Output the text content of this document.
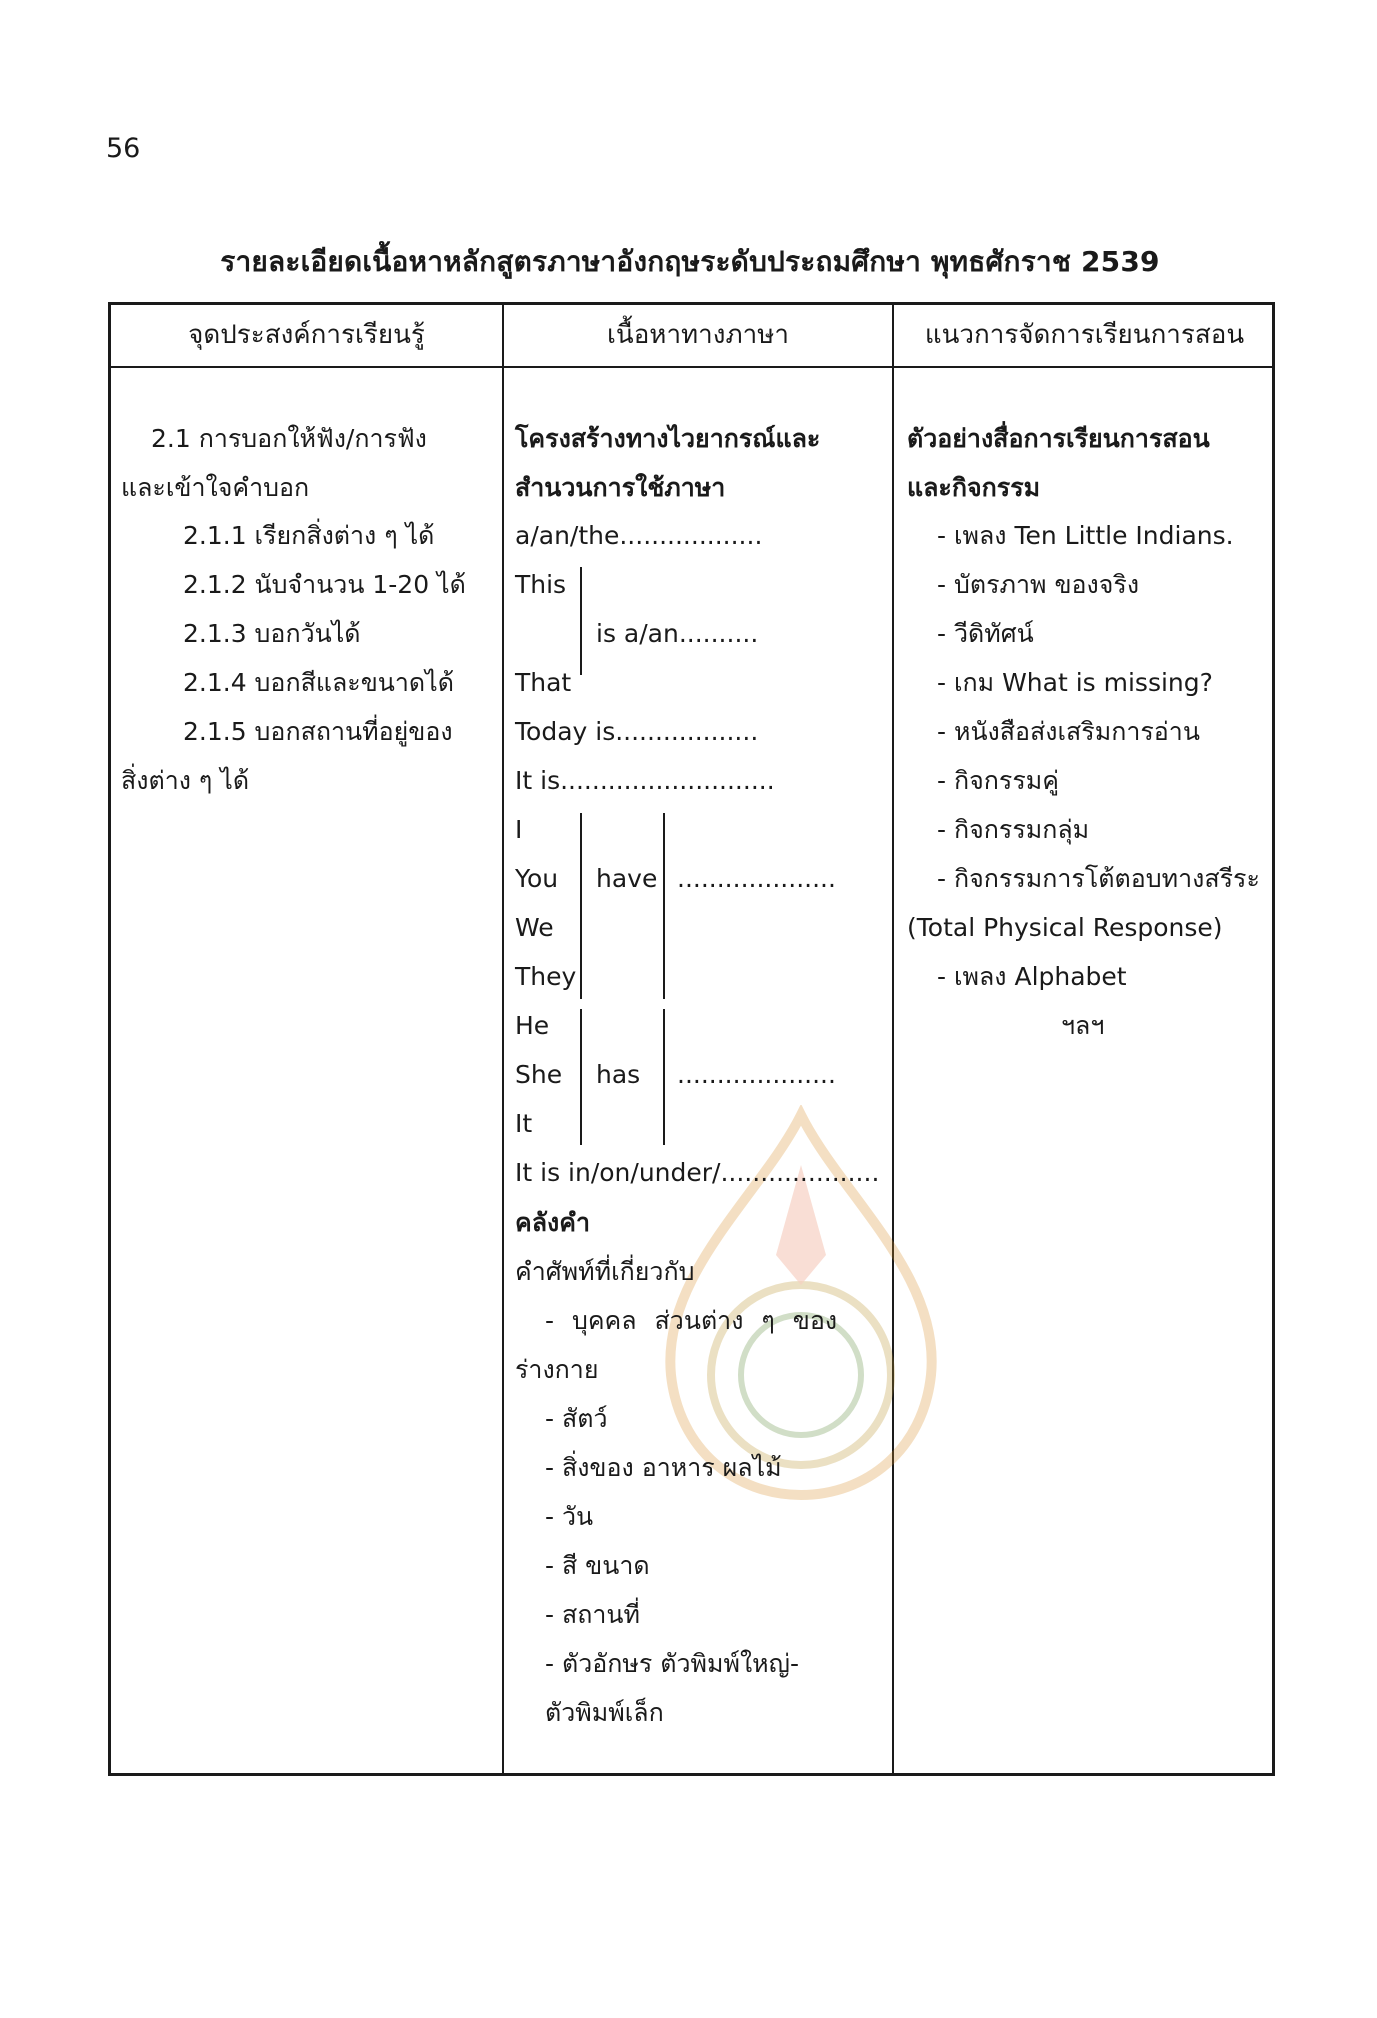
56
รายละเอียดเนื้อหาหลักสูตรภาษาอังกฤษระดับประถมศึกษา พุทธศักราช 2539
จุดประสงค์การเรียนรู้	เนื้อหาทางภาษา	แนวการจัดการเรียนการสอน
2.1 การบอกให้ฟัง/การฟัง
และเข้าใจคำบอก
2.1.1 เรียกสิ่งต่าง ๆ ได้
2.1.2 นับจำนวน 1-20 ได้
2.1.3 บอกวันได้
2.1.4 บอกสีและขนาดได้
2.1.5 บอกสถานที่อยู่ของ
สิ่งต่าง ๆ ได้
โครงสร้างทางไวยากรณ์และ
สำนวนการใช้ภาษา
a/an/the..................
This
is a/an..........
That
Today is..................
It is...........................
I
You
We
They
have ....................
He
She
It
has ....................
It is in/on/under/....................
คลังคำ
คำศัพท์ที่เกี่ยวกับ
- บุคคล ส่วนต่าง ๆ ของ
ร่างกาย
- สัตว์
- สิ่งของ อาหาร ผลไม้
- วัน
- สี ขนาด
- สถานที่
- ตัวอักษร ตัวพิมพ์ใหญ่-
ตัวพิมพ์เล็ก
ตัวอย่างสื่อการเรียนการสอน
และกิจกรรม
- เพลง Ten Little Indians.
- บัตรภาพ ของจริง
- วีดิทัศน์
- เกม What is missing?
- หนังสือส่งเสริมการอ่าน
- กิจกรรมคู่
- กิจกรรมกลุ่ม
- กิจกรรมการโต้ตอบทางสรีระ
(Total Physical Response)
- เพลง Alphabet
ฯลฯ
